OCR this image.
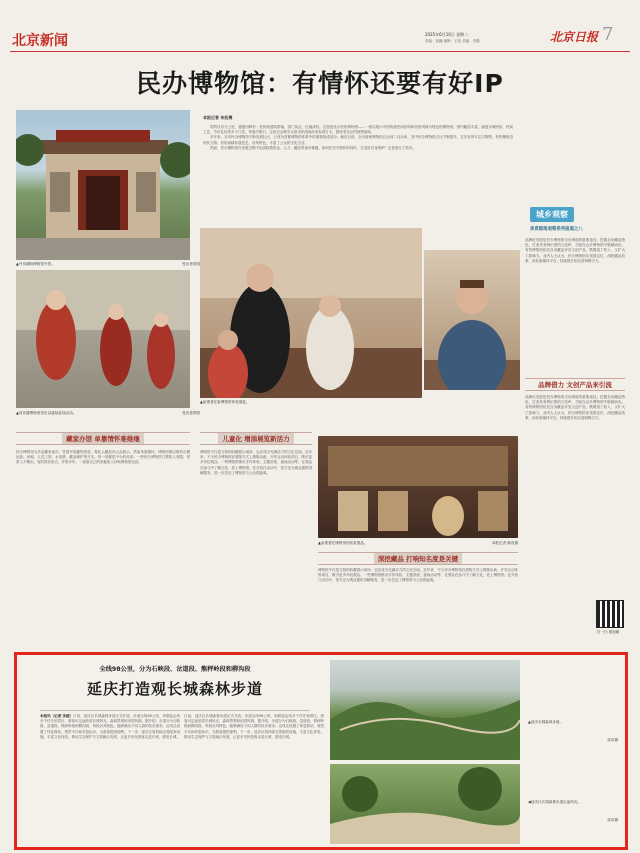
北京新闻	2025年6月10日 星期二
责编：崔巍 编辑：王凯 美编：李磊	北京日报 7
民办博物馆：有情怀还要有好IP
▲丹凤朝阳博物馆外景。	受访者供图
▲同乐器博物馆馆员以盛装参加活动。	受访者供图
本报记者 朱松梅

国贸以东几公里，通惠河畔有一处传统建筑群落，拱门灰瓦、红墙漆柱。这里是北京民俗博物馆——一座以展示中国传统民间信仰和民俗风情为特色的博物馆。馆内藏品丰富，涵盖京城民俗、民间工艺、节庆礼仪等多个门类，每逢节假日，这里总会吸引大批市民游客前来参观打卡，感受老北京的独特韵味。

多年来，本市民办博物馆不断发展壮大，已成为首都博物馆体系中的重要组成部分。截至目前，全市备案博物馆已达到二百余家，其中民办博物馆占比不断提升。它们有的专注古陶瓷、有的聚焦近现代文物、有的深耕非遗技艺，各具特色，丰富了公众的文化生活。

然而，民办博物馆在发展过程中也面临着资金、人才、藏品等诸多难题。如何在坚守情怀的同时，打造好自身的IP？记者进行了采访。

城乡观察
美育群落观察系列报道之八
品牌化发展是民办博物馆走出困境的重要途径。挖掘自身藏品特色，打造具有辨识度的文化IP，才能在众多博物馆中脱颖而出。有的博物馆依托自身藏品开发文创产品，既增加了收入，又扩大了影响力。业内人士认为，民办博物馆应找准定位，深挖藏品故事，用好新媒体平台，持续提升知名度和吸引力。
品牌借力 文创产品来引流
品牌化发展是民办博物馆走出困境的重要途径。挖掘自身藏品特色，打造具有辨识度的文化IP，才能在众多博物馆中脱颖而出。有的博物馆依托自身藏品开发文创产品，既增加了收入，又扩大了影响力。业内人士认为，民办博物馆应找准定位，深挖藏品故事，用好新媒体平台，持续提升知名度和吸引力。
藏家办馆 单靠情怀难维继
民办博物馆大多由藏家创办，凭借对收藏的热爱，将私人藏品向公众展示。然而单靠情怀，博物馆难以维持长期运营。房租、人员工资、水电费、藏品保护等开支，每一项都是不小的负担。一些民办博物馆门票收入有限，常常入不敷出。有的馆长坦言，开馆多年，一直靠自己的其他收入补贴博物馆运营。
▲参观者在新博物馆体验展览。
儿童化 增添展览新活力
博物馆不仅是文物的收藏展示场所，也应成为充满活力的文化空间。近年来，不少民办博物馆在展陈方式上推陈出新，开发互动体验项目，吸引更多年轻观众。一些博物馆推出手作体验、主题讲座、夜场活动等，让观众在参与中了解文化、爱上博物馆。在开放日活动中，馆方还为观众提供讲解服务，进一步拉近了博物馆与公众的距离。
▲参观者在博物馆内欣赏展品。	本报记者 陈浩摄
深挖藏品 打响知名度是关键
博物馆不仅是文物的收藏展示场所，也应成为充满活力的文化空间。近年来，不少民办博物馆在展陈方式上推陈出新，开发互动体验项目，吸引更多年轻观众。一些博物馆推出手作体验、主题讲座、夜场活动等，让观众在参与中了解文化、爱上博物馆。在开放日活动中，馆方还为观众提供讲解服务，进一步拉近了博物馆与公众的距离。
扫一扫 看视频
全线98公里，分为石峡段、岔道段、熊秤岭段和柳沟段
延庆打造观长城森林步道
本报讯（记者 李振）日前，延庆区长城森林步道正式开放。步道全线98公里，串联起沿线多个村庄和景区，游客可沿途欣赏长城风光、森林景观和田园风貌。据介绍，步道分为石峡段、岔道段、熊秤岭段和柳沟段，每段各具特色，能够满足不同人群的徒步需求。沿线还设置了休息驿站、观景平台和导览标识，为游客提供便利。下一步，延庆区将持续完善配套设施，丰富文化体验，推动生态保护与文旅融合发展，让更多市民游客走进长城、感受长城。
日前，延庆区长城森林步道正式开放。步道全线98公里，串联起沿线多个村庄和景区，游客可沿途欣赏长城风光、森林景观和田园风貌。据介绍，步道分为石峡段、岔道段、熊秤岭段和柳沟段，每段各具特色，能够满足不同人群的徒步需求。沿线还设置了休息驿站、观景平台和导览标识，为游客提供便利。下一步，延庆区将持续完善配套设施，丰富文化体验，推动生态保护与文旅融合发展，让更多市民游客走进长城、感受长城。
▲延庆长城森林步道。
张卓摄
◀延庆区长城森林步道沿途风光。
张卓摄
